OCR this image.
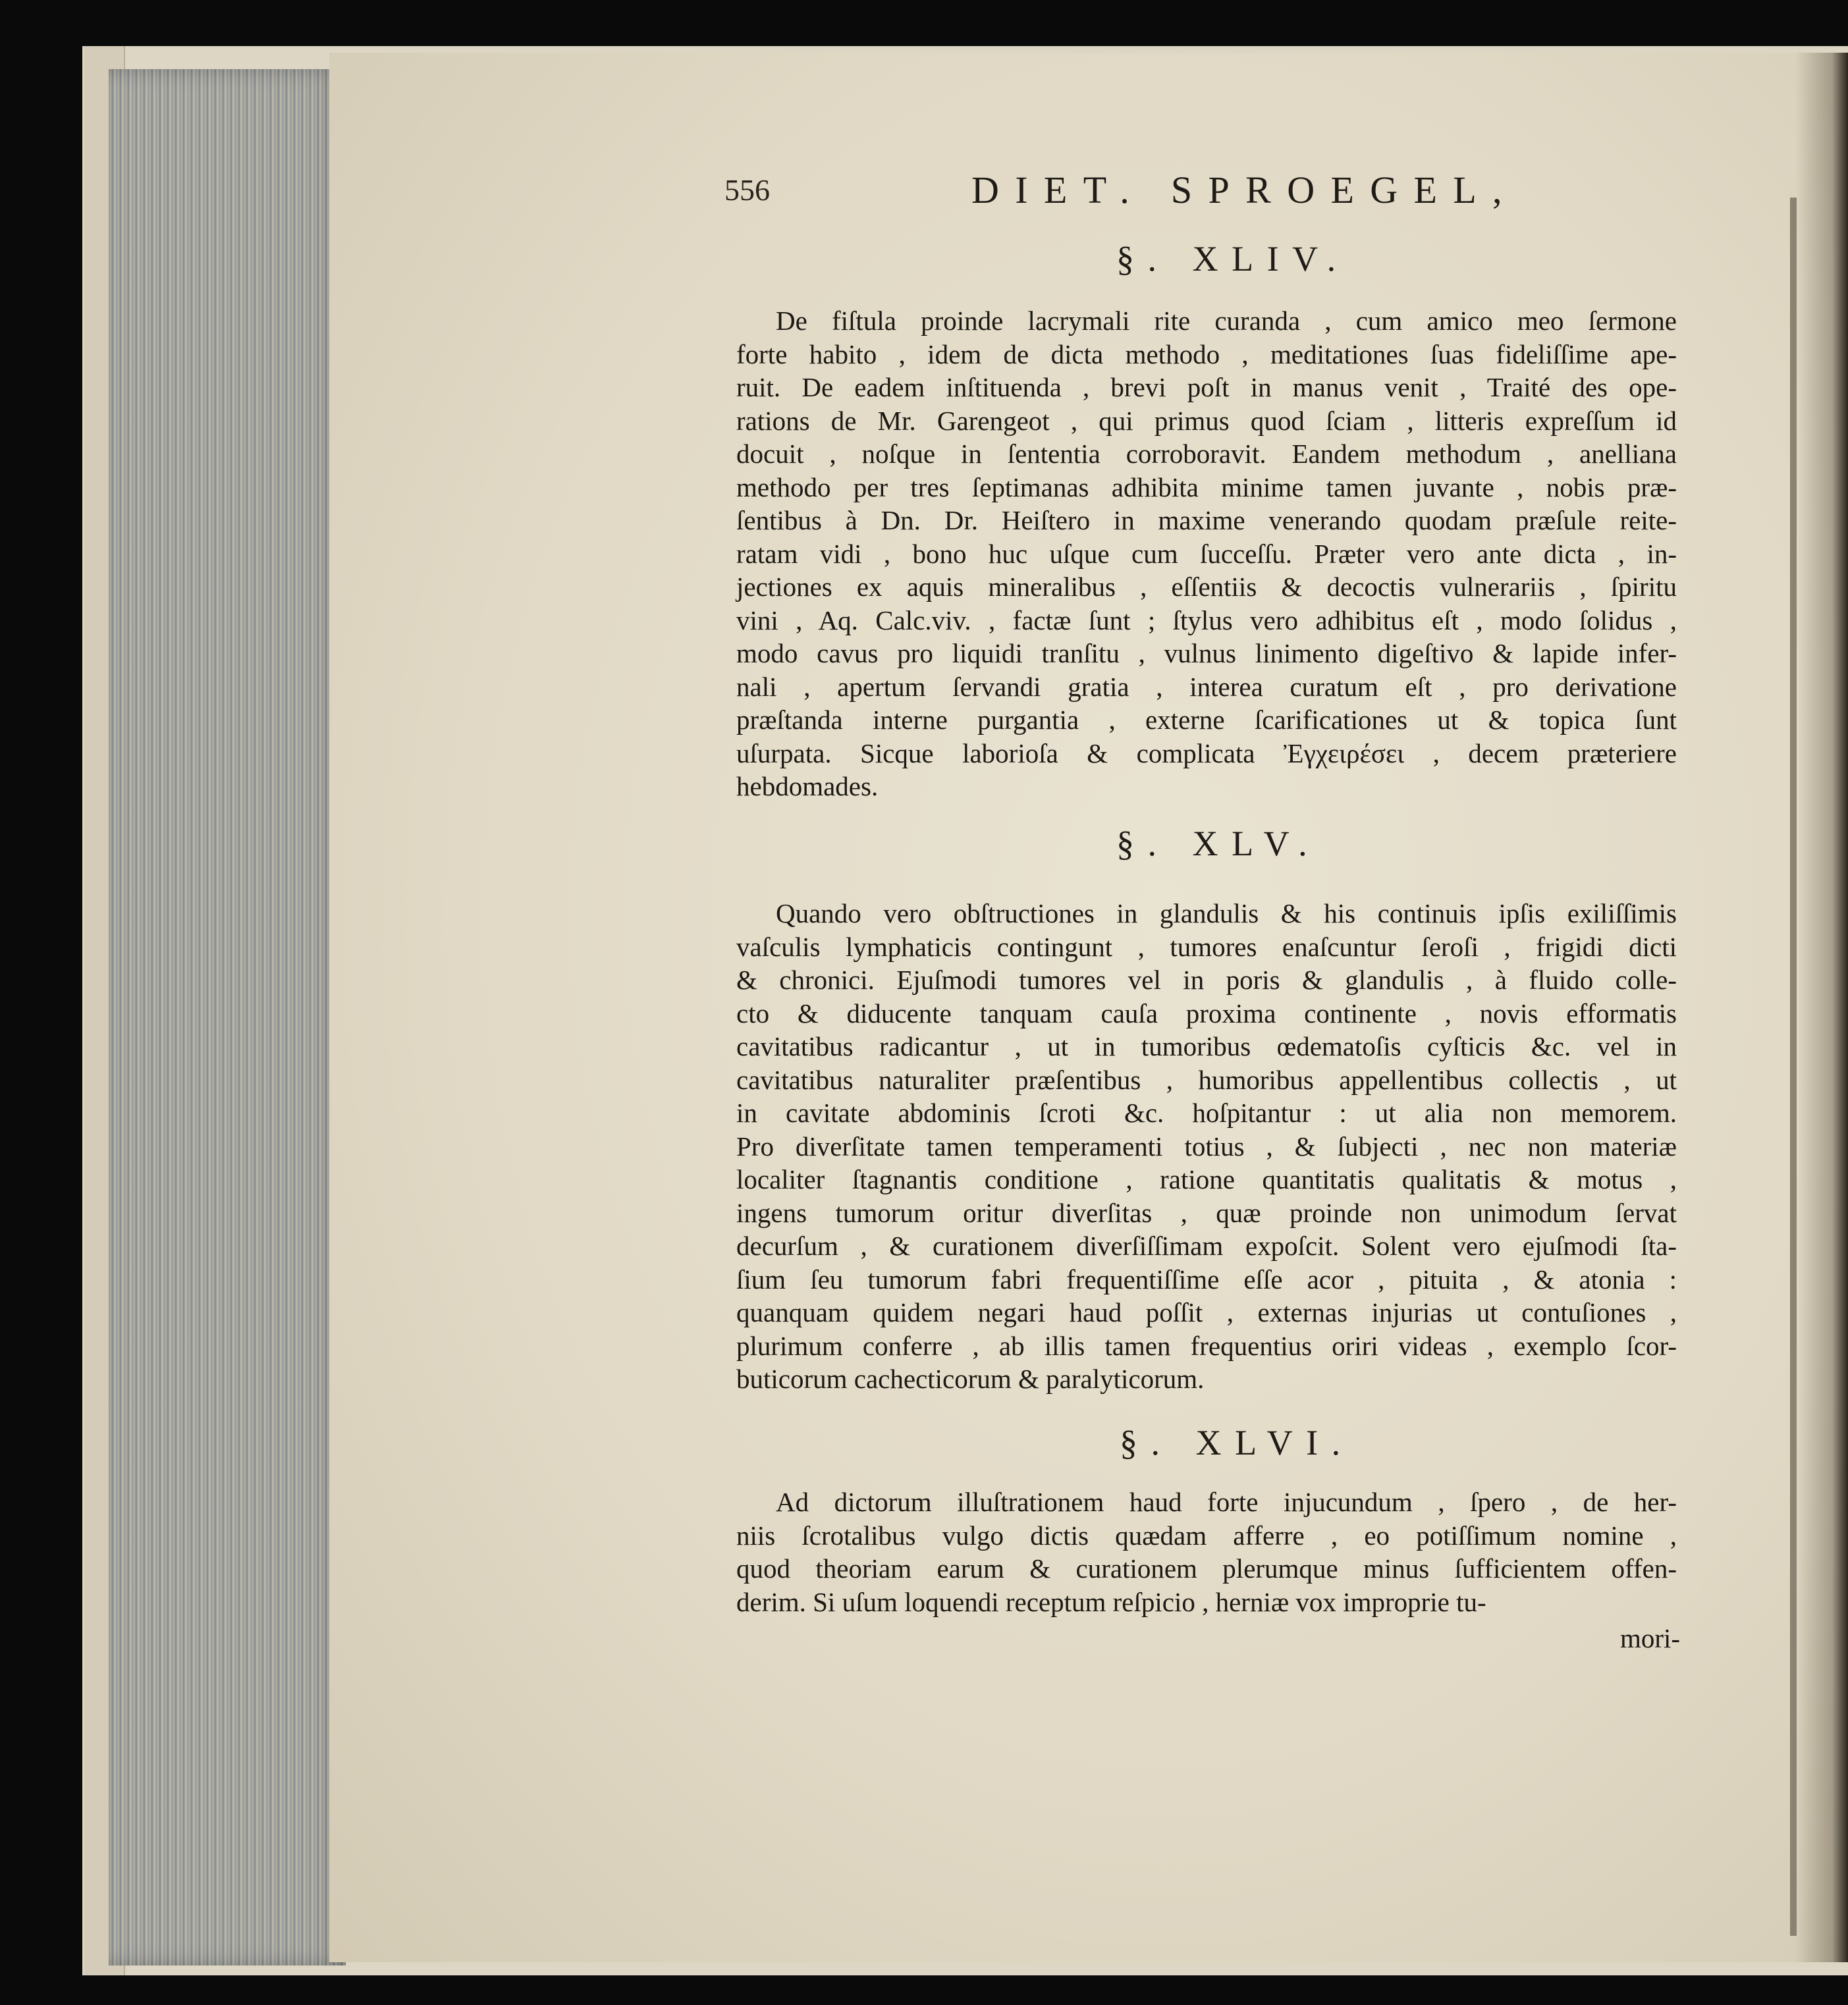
556	DIET. SPROEGEL,
§. XLIV.
De fiſtula proinde lacrymali rite curanda , cum amico meo ſermone
forte habito , idem de dicta methodo , meditationes ſuas fideliſſime ape-
ruit. De eadem inſtituenda , brevi poſt in manus venit , Traité des ope-
rations de Mr. Garengeot , qui primus quod ſciam , litteris expreſſum id
docuit , noſque in ſententia corroboravit. Eandem methodum , anelliana
methodo per tres ſeptimanas adhibita minime tamen juvante , nobis præ-
ſentibus à Dn. Dr. Heiſtero in maxime venerando quodam præſule reite-
ratam vidi , bono huc uſque cum ſucceſſu. Præter vero ante dicta , in-
jectiones ex aquis mineralibus , eſſentiis & decoctis vulnerariis , ſpiritu
vini , Aq. Calc.viv. , factæ ſunt ; ſtylus vero adhibitus eſt , modo ſolidus ,
modo cavus pro liquidi tranſitu , vulnus linimento digeſtivo & lapide infer-
nali , apertum ſervandi gratia , interea curatum eſt , pro derivatione
præſtanda interne purgantia , externe ſcarificationes ut & topica ſunt
uſurpata. Sicque laborioſa & complicata Ἐγχειρέσει , decem præteriere
hebdomades.
§. XLV.
Quando vero obſtructiones in glandulis & his continuis ipſis exiliſſimis
vaſculis lymphaticis contingunt , tumores enaſcuntur ſeroſi , frigidi dicti
& chronici. Ejuſmodi tumores vel in poris & glandulis , à fluido colle-
cto & diducente tanquam cauſa proxima continente , novis efformatis
cavitatibus radicantur , ut in tumoribus œdematoſis cyſticis &c. vel in
cavitatibus naturaliter præſentibus , humoribus appellentibus collectis , ut
in cavitate abdominis ſcroti &c. hoſpitantur : ut alia non memorem.
Pro diverſitate tamen temperamenti totius , & ſubjecti , nec non materiæ
localiter ſtagnantis conditione , ratione quantitatis qualitatis & motus ,
ingens tumorum oritur diverſitas , quæ proinde non unimodum ſervat
decurſum , & curationem diverſiſſimam expoſcit. Solent vero ejuſmodi ſta-
ſium ſeu tumorum fabri frequentiſſime eſſe acor , pituita , & atonia :
quanquam quidem negari haud poſſit , externas injurias ut contuſiones ,
plurimum conferre , ab illis tamen frequentius oriri videas , exemplo ſcor-
buticorum cachecticorum & paralyticorum.
§. XLVI.
Ad dictorum illuſtrationem haud forte injucundum , ſpero , de her-
niis ſcrotalibus vulgo dictis quædam afferre , eo potiſſimum nomine ,
quod theoriam earum & curationem plerumque minus ſufficientem offen-
derim. Si uſum loquendi receptum reſpicio , herniæ vox improprie tu-
mori-
